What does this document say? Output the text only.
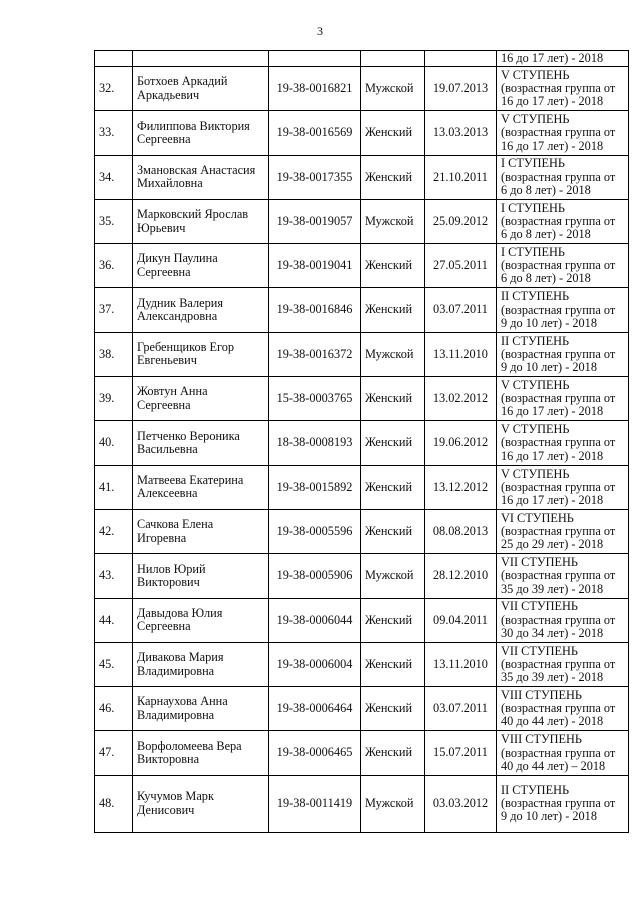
3
					16 до 17 лет) - 2018
32.	Ботхоев Аркадий Аркадьевич	19-38-0016821	Мужской	19.07.2013	V СТУПЕНЬ
(возрастная группа от 16 до 17 лет) - 2018

33.	Филиппова Виктория Сергеевна	19-38-0016569	Женский	13.03.2013	V СТУПЕНЬ
(возрастная группа от 16 до 17 лет) - 2018

34.	Змановская Анастасия Михайловна	19-38-0017355	Женский	21.10.2011	I СТУПЕНЬ
(возрастная группа от 6 до 8 лет) - 2018

35.	Марковский Ярослав Юрьевич	19-38-0019057	Мужской	25.09.2012	I СТУПЕНЬ
(возрастная группа от 6 до 8 лет) - 2018

36.	Дикун Паулина Сергеевна	19-38-0019041	Женский	27.05.2011	I СТУПЕНЬ
(возрастная группа от 6 до 8 лет) - 2018

37.	Дудник Валерия Александровна	19-38-0016846	Женский	03.07.2011	II СТУПЕНЬ
(возрастная группа от 9 до 10 лет) - 2018

38.	Гребенщиков Егор Евгеньевич	19-38-0016372	Мужской	13.11.2010	II СТУПЕНЬ
(возрастная группа от 9 до 10 лет) - 2018

39.	Жовтун Анна Сергеевна	15-38-0003765	Женский	13.02.2012	V СТУПЕНЬ
(возрастная группа от 16 до 17 лет) - 2018

40.	Петченко Вероника Васильевна	18-38-0008193	Женский	19.06.2012	V СТУПЕНЬ
(возрастная группа от 16 до 17 лет) - 2018

41.	Матвеева Екатерина Алексеевна	19-38-0015892	Женский	13.12.2012	V СТУПЕНЬ
(возрастная группа от 16 до 17 лет) - 2018

42.	Сачкова Елена Игоревна	19-38-0005596	Женский	08.08.2013	VI СТУПЕНЬ
(возрастная группа от 25 до 29 лет) - 2018

43.	Нилов Юрий Викторович	19-38-0005906	Мужской	28.12.2010	VII СТУПЕНЬ
(возрастная группа от 35 до 39 лет) - 2018

44.	Давыдова Юлия Сергеевна	19-38-0006044	Женский	09.04.2011	VII СТУПЕНЬ
(возрастная группа от 30 до 34 лет) - 2018

45.	Дивакова Мария Владимировна	19-38-0006004	Женский	13.11.2010	VII СТУПЕНЬ
(возрастная группа от 35 до 39 лет) - 2018

46.	Карнаухова Анна Владимировна	19-38-0006464	Женский	03.07.2011	VIII СТУПЕНЬ
(возрастная группа от 40 до 44 лет) - 2018

47.	Ворфоломеева Вера Викторовна	19-38-0006465	Женский	15.07.2011	VIII СТУПЕНЬ
(возрастная группа от 40 до 44 лет) – 2018

48.	Кучумов Марк Денисович	19-38-0011419	Мужской	03.03.2012	II СТУПЕНЬ
(возрастная группа от 9 до 10 лет) - 2018
